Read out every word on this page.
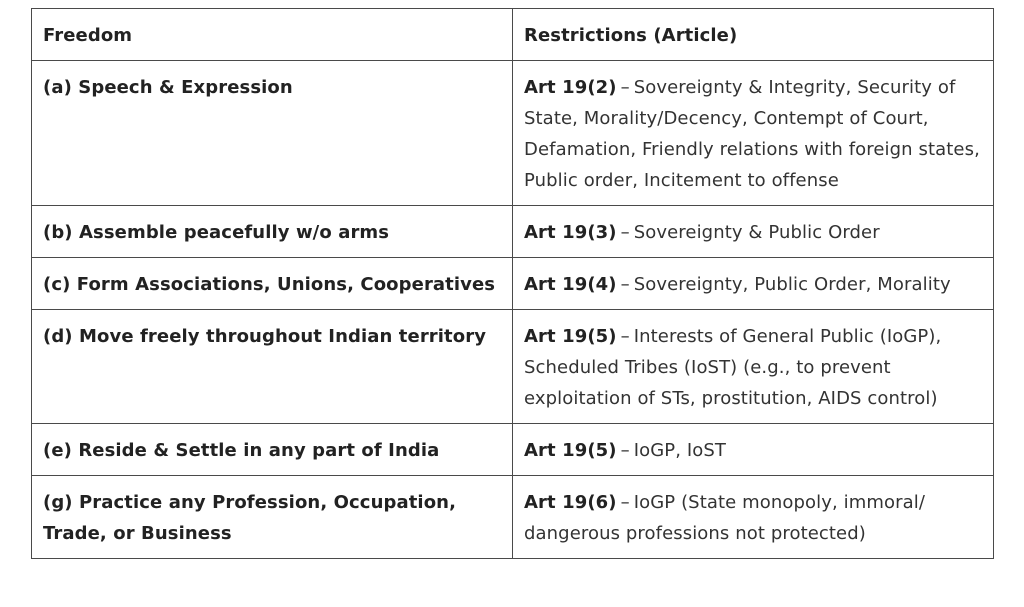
Freedom	Restrictions (Article)
(a) Speech & Expression	Art 19(2) – Sovereignty & Integrity, Security of State, Morality/Decency, Contempt of Court, Defamation, Friendly relations with foreign states, Public order, Incitement to offense
(b) Assemble peacefully w/o arms	Art 19(3) – Sovereignty & Public Order
(c) Form Associations, Unions, Cooperatives	Art 19(4) – Sovereignty, Public Order, Morality
(d) Move freely throughout Indian territory	Art 19(5) – Interests of General Public (IoGP), Scheduled Tribes (IoST) (e.g., to prevent exploitation of STs, prostitution, AIDS control)
(e) Reside & Settle in any part of India	Art 19(5) – IoGP, IoST
(g) Practice any Profession, Occupation, Trade, or Business	Art 19(6) – IoGP (State monopoly, immoral/ dangerous professions not protected)
